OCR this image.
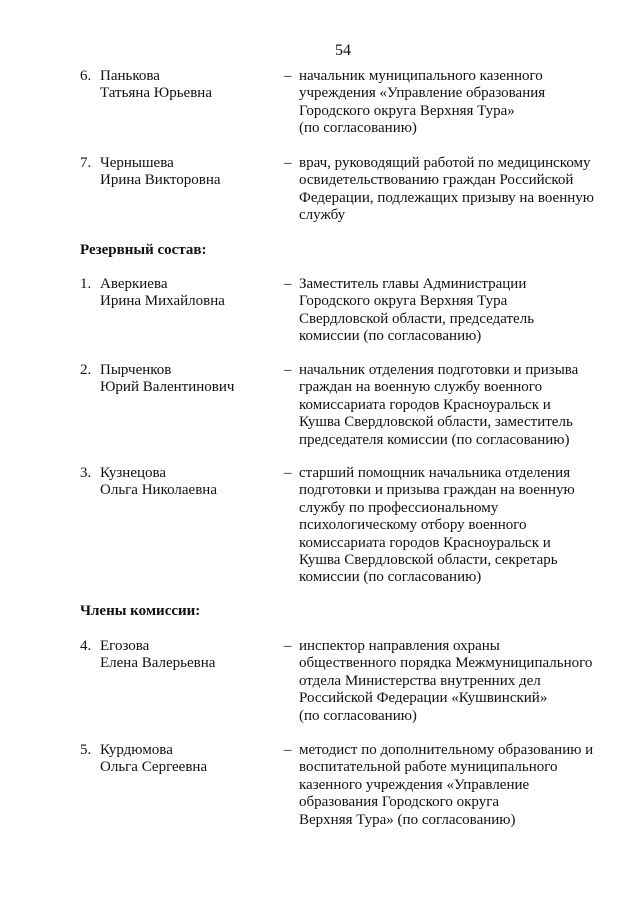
54
6. Панькова
Татьяна Юрьевна
– начальник муниципального казенного
учреждения «Управление образования
Городского округа Верхняя Тура»
(по согласованию)
7. Чернышева
Ирина Викторовна
– врач, руководящий работой по медицинскому
освидетельствованию граждан Российской
Федерации, подлежащих призыву на военную
службу
Резервный состав:
1. Аверкиева
Ирина Михайловна
– Заместитель главы Администрации
Городского округа Верхняя Тура
Свердловской области, председатель
комиссии (по согласованию)
2. Пырченков
Юрий Валентинович
– начальник отделения подготовки и призыва
граждан на военную службу военного
комиссариата городов Красноуральск и
Кушва Свердловской области, заместитель
председателя комиссии (по согласованию)
3. Кузнецова
Ольга Николаевна
– старший помощник начальника отделения
подготовки и призыва граждан на военную
службу по профессиональному
психологическому отбору военного
комиссариата городов Красноуральск и
Кушва Свердловской области, секретарь
комиссии (по согласованию)
Члены комиссии:
4. Егозова
Елена Валерьевна
– инспектор направления охраны
общественного порядка Межмуниципального
отдела Министерства внутренних дел
Российской Федерации «Кушвинский»
(по согласованию)
5. Курдюмова
Ольга Сергеевна
– методист по дополнительному образованию и
воспитательной работе муниципального
казенного учреждения «Управление
образования Городского округа
Верхняя Тура» (по согласованию)
